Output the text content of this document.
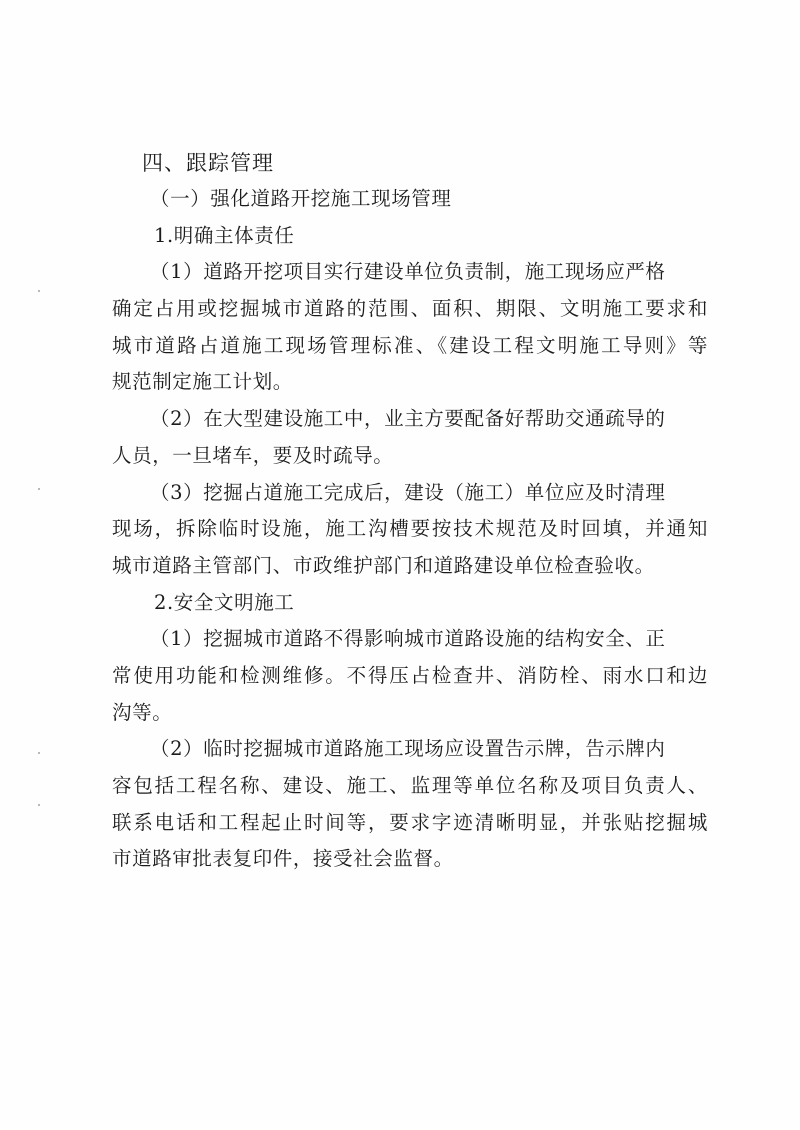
四、跟踪管理

（一）强化道路开挖施工现场管理

1.明确主体责任

（1）道路开挖项目实行建设单位负责制，施工现场应严格

确定占用或挖掘城市道路的范围、面积、期限、文明施工要求和

城市道路占道施工现场管理标准、《建设工程文明施工导则》等

规范制定施工计划。

（2）在大型建设施工中，业主方要配备好帮助交通疏导的

人员，一旦堵车，要及时疏导。

（3）挖掘占道施工完成后，建设（施工）单位应及时清理

现场，拆除临时设施，施工沟槽要按技术规范及时回填，并通知

城市道路主管部门、市政维护部门和道路建设单位检查验收。

2.安全文明施工

（1）挖掘城市道路不得影响城市道路设施的结构安全、正

常使用功能和检测维修。不得压占检查井、消防栓、雨水口和边

沟等。

（2）临时挖掘城市道路施工现场应设置告示牌，告示牌内

容包括工程名称、建设、施工、监理等单位名称及项目负责人、

联系电话和工程起止时间等，要求字迹清晰明显，并张贴挖掘城

市道路审批表复印件，接受社会监督。
